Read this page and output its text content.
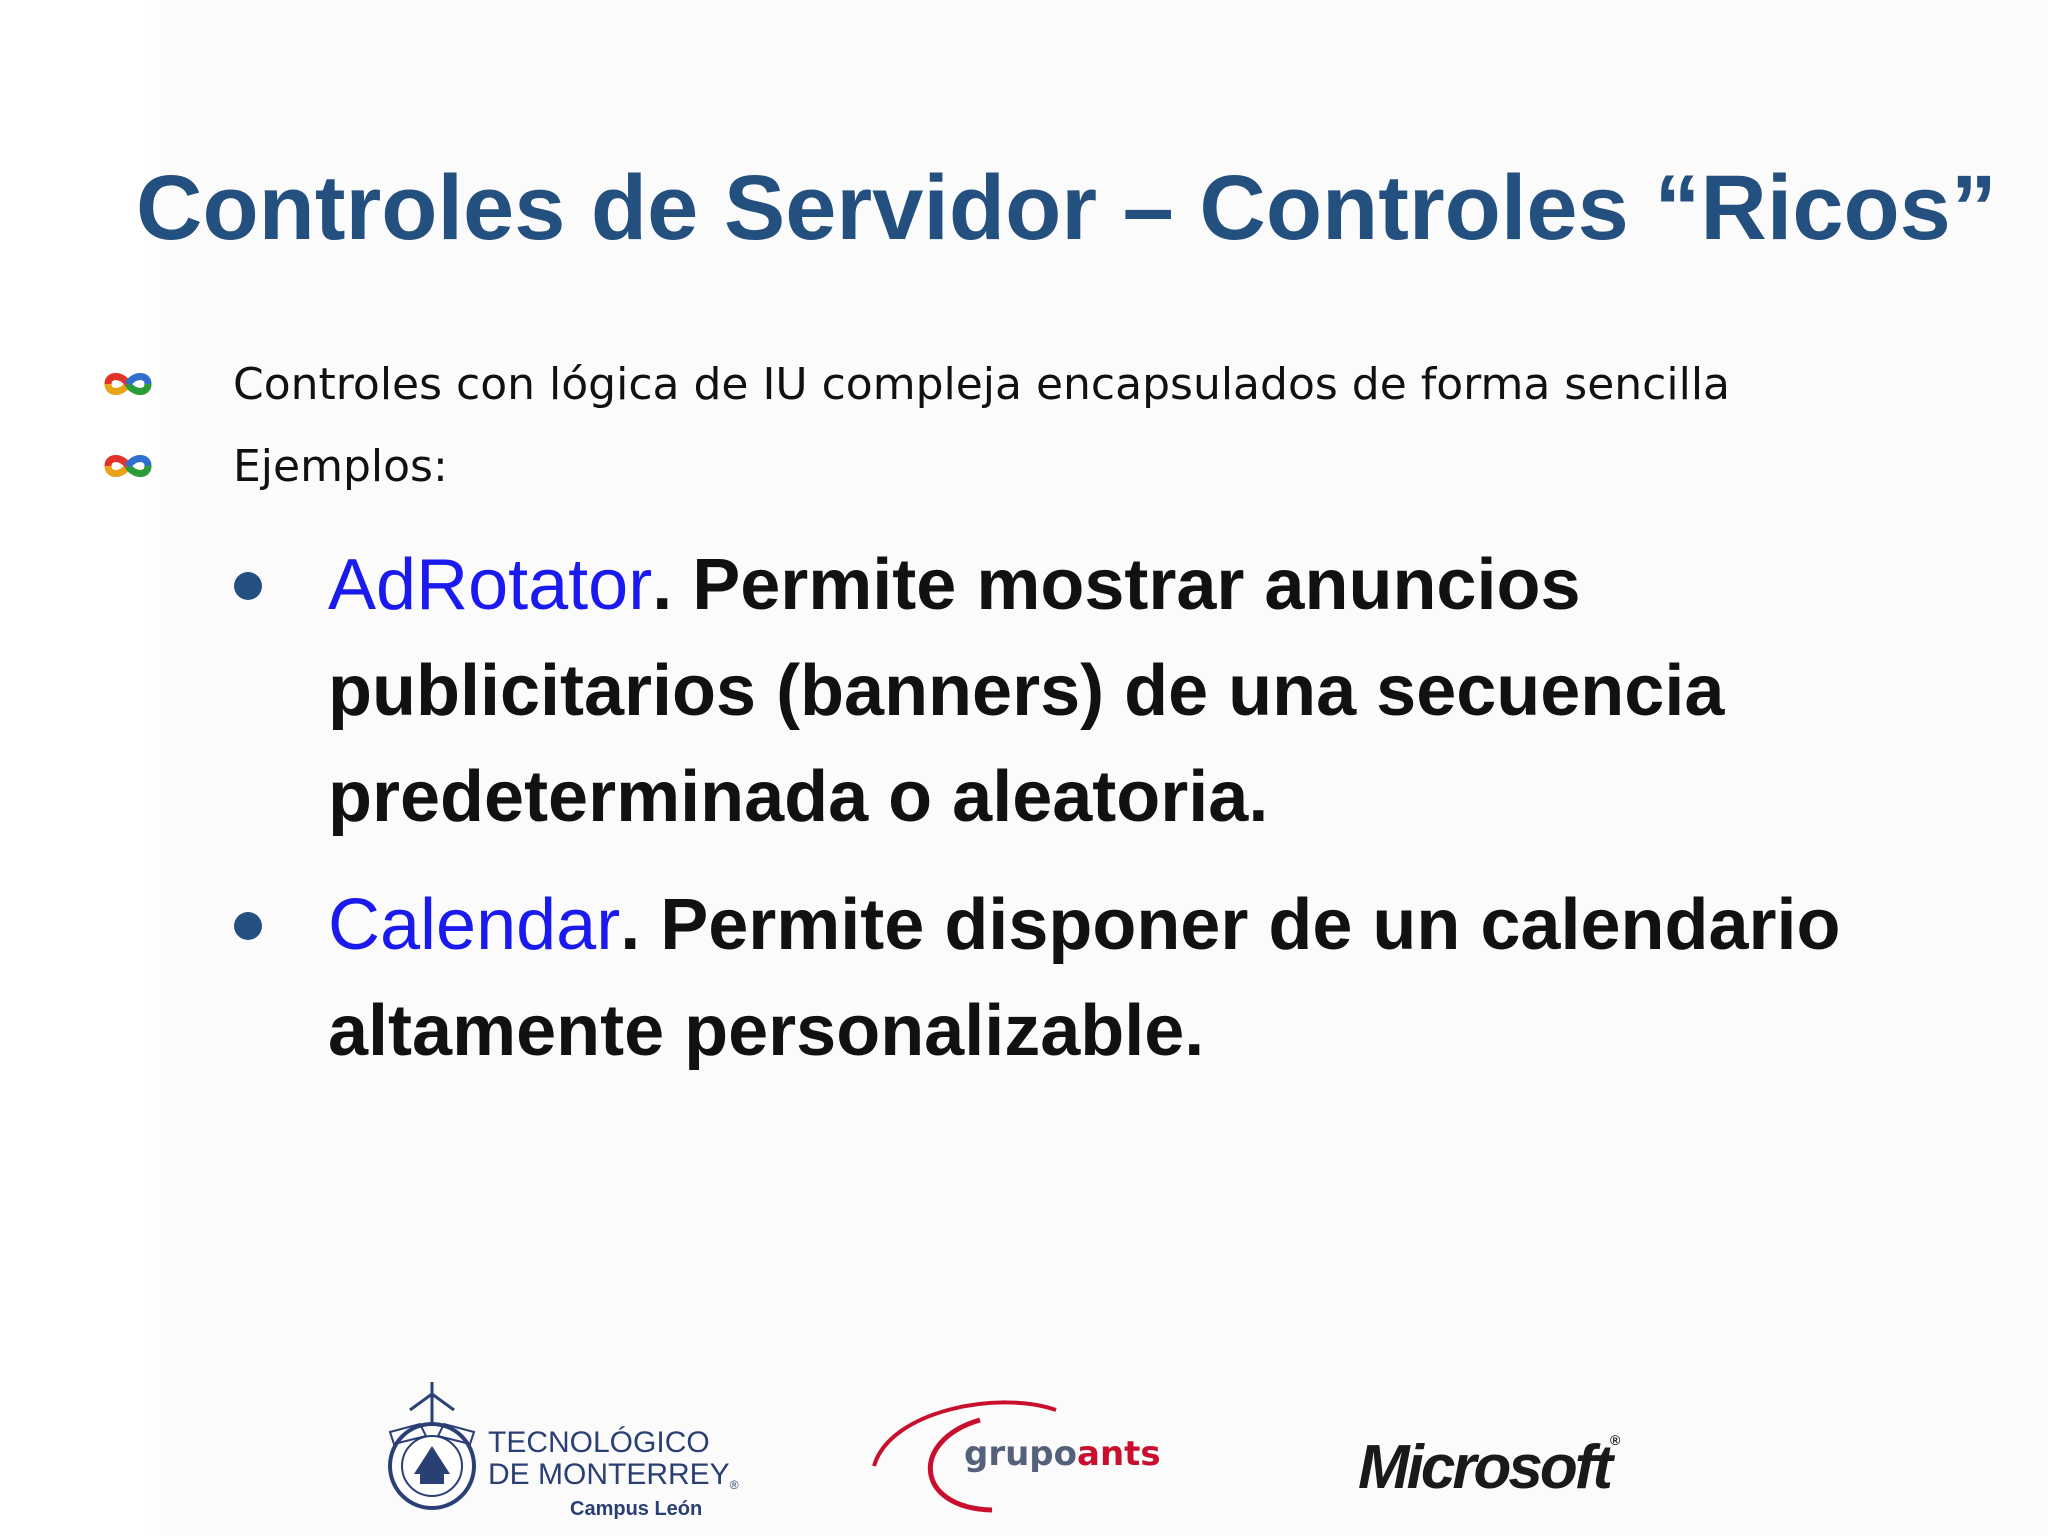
Controles de Servidor – Controles “Ricos”
Controles con lógica de IU compleja encapsulados de forma sencilla
Ejemplos:
AdRotator. Permite mostrar anuncios publicitarios (banners) de una secuencia predeterminada o aleatoria.
Calendar. Permite disponer de un calendario altamente personalizable.
TECNOLÓGICO
DE MONTERREY®
Campus León
grupoants	Microsoft®
